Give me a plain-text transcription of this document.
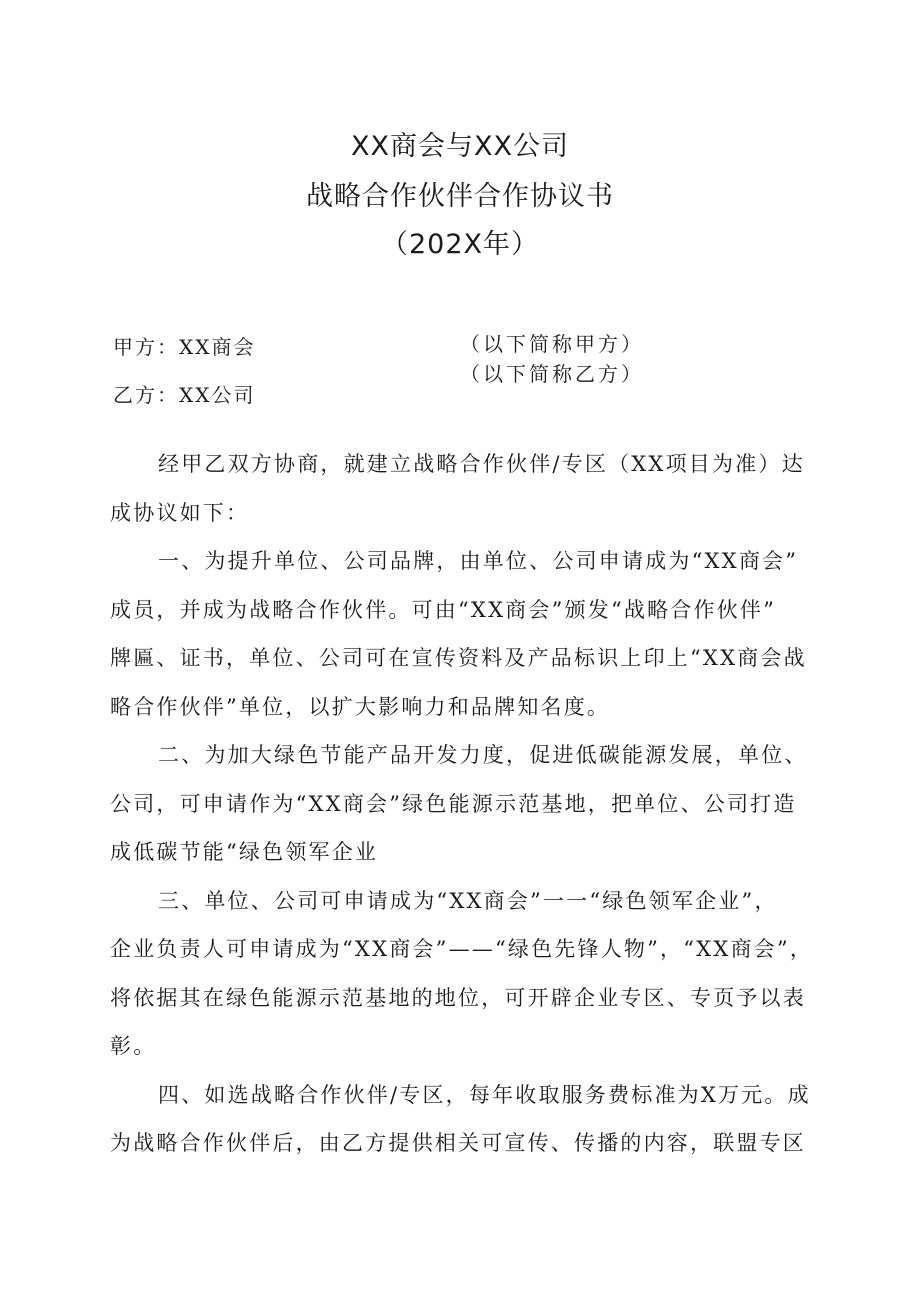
XX商会与XX公司
战略合作伙伴合作协议书
（202X年）
甲方：XX商会	（以下简称甲方）
（以下简称乙方）
乙方：XX公司
经甲乙双方协商，就建立战略合作伙伴/专区（XX项目为准）达
成协议如下：
一、为提升单位、公司品牌，由单位、公司申请成为“XX商会”
成员，并成为战略合作伙伴。可由“XX商会”颁发“战略合作伙伴”
牌匾、证书，单位、公司可在宣传资料及产品标识上印上“XX商会战
略合作伙伴”单位，以扩大影响力和品牌知名度。
二、为加大绿色节能产品开发力度，促进低碳能源发展，单位、
公司，可申请作为“XX商会”绿色能源示范基地，把单位、公司打造
成低碳节能“绿色领军企业
三、单位、公司可申请成为“XX商会”一一“绿色领军企业”，
企业负责人可申请成为“XX商会”——“绿色先锋人物”，“XX商会”，
将依据其在绿色能源示范基地的地位，可开辟企业专区、专页予以表
彰。
四、如选战略合作伙伴/专区，每年收取服务费标准为X万元。成
为战略合作伙伴后，由乙方提供相关可宣传、传播的内容，联盟专区
